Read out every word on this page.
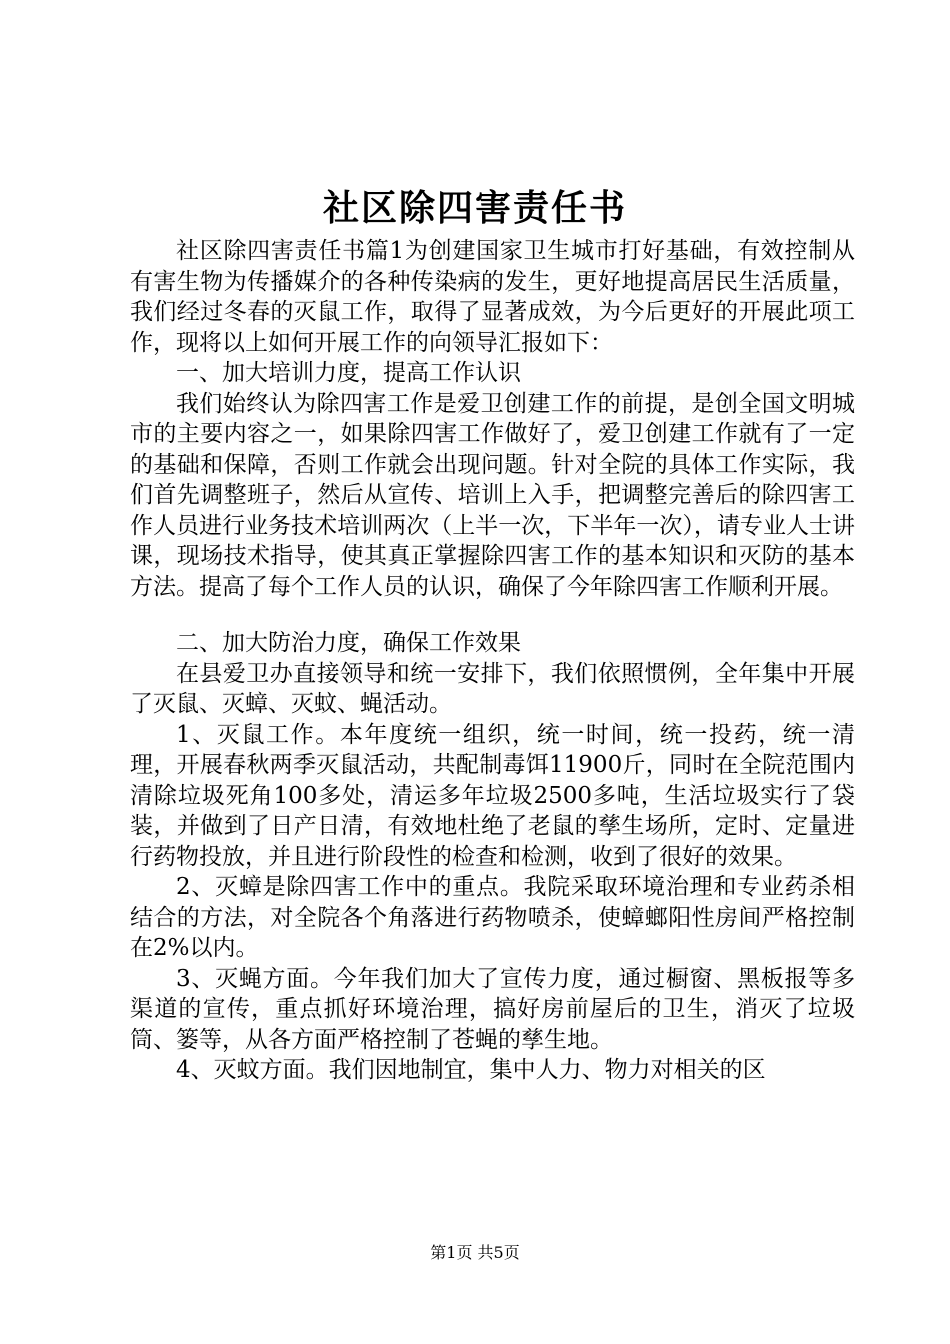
社区除四害责任书

社区除四害责任书篇1为创建国家卫生城市打好基础，有效控制从有害生物为传播媒介的各种传染病的发生，更好地提高居民生活质量，我们经过冬春的灭鼠工作，取得了显著成效，为今后更好的开展此项工作，现将以上如何开展工作的向领导汇报如下：

一、加大培训力度，提高工作认识

我们始终认为除四害工作是爱卫创建工作的前提，是创全国文明城市的主要内容之一，如果除四害工作做好了，爱卫创建工作就有了一定的基础和保障，否则工作就会出现问题。针对全院的具体工作实际，我们首先调整班子，然后从宣传、培训上入手，把调整完善后的除四害工作人员进行业务技术培训两次（上半一次，下半年一次），请专业人士讲课，现场技术指导，使其真正掌握除四害工作的基本知识和灭防的基本方法。提高了每个工作人员的认识，确保了今年除四害工作顺利开展。

二、加大防治力度，确保工作效果

在县爱卫办直接领导和统一安排下，我们依照惯例，全年集中开展了灭鼠、灭蟑、灭蚊、蝇活动。

1、灭鼠工作。本年度统一组织，统一时间，统一投药，统一清理，开展春秋两季灭鼠活动，共配制毒饵11900斤，同时在全院范围内清除垃圾死角100多处，清运多年垃圾2500多吨，生活垃圾实行了袋装，并做到了日产日清，有效地杜绝了老鼠的孳生场所，定时、定量进行药物投放，并且进行阶段性的检查和检测，收到了很好的效果。

2、灭蟑是除四害工作中的重点。我院采取环境治理和专业药杀相结合的方法，对全院各个角落进行药物喷杀，使蟑螂阳性房间严格控制在2%以内。

3、灭蝇方面。今年我们加大了宣传力度，通过橱窗、黑板报等多渠道的宣传，重点抓好环境治理，搞好房前屋后的卫生，消灭了垃圾筒、篓等，从各方面严格控制了苍蝇的孳生地。

4、灭蚊方面。我们因地制宜，集中人力、物力对相关的区

第1页 共5页
